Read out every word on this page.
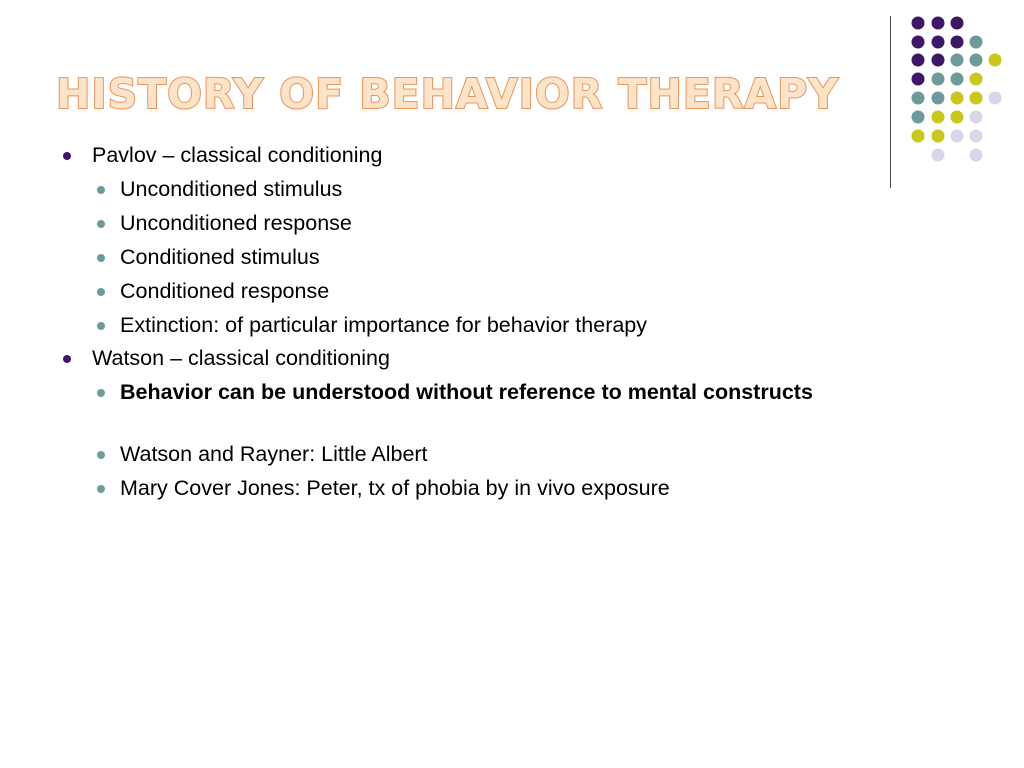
HISTORY OF BEHAVIOR THERAPY

Pavlov – classical conditioning

Unconditioned stimulus

Unconditioned response

Conditioned stimulus

Conditioned response

Extinction: of particular importance for behavior therapy

Watson – classical conditioning

Behavior can be understood without reference to mental constructs

Watson and Rayner: Little Albert

Mary Cover Jones: Peter, tx of phobia by in vivo exposure
